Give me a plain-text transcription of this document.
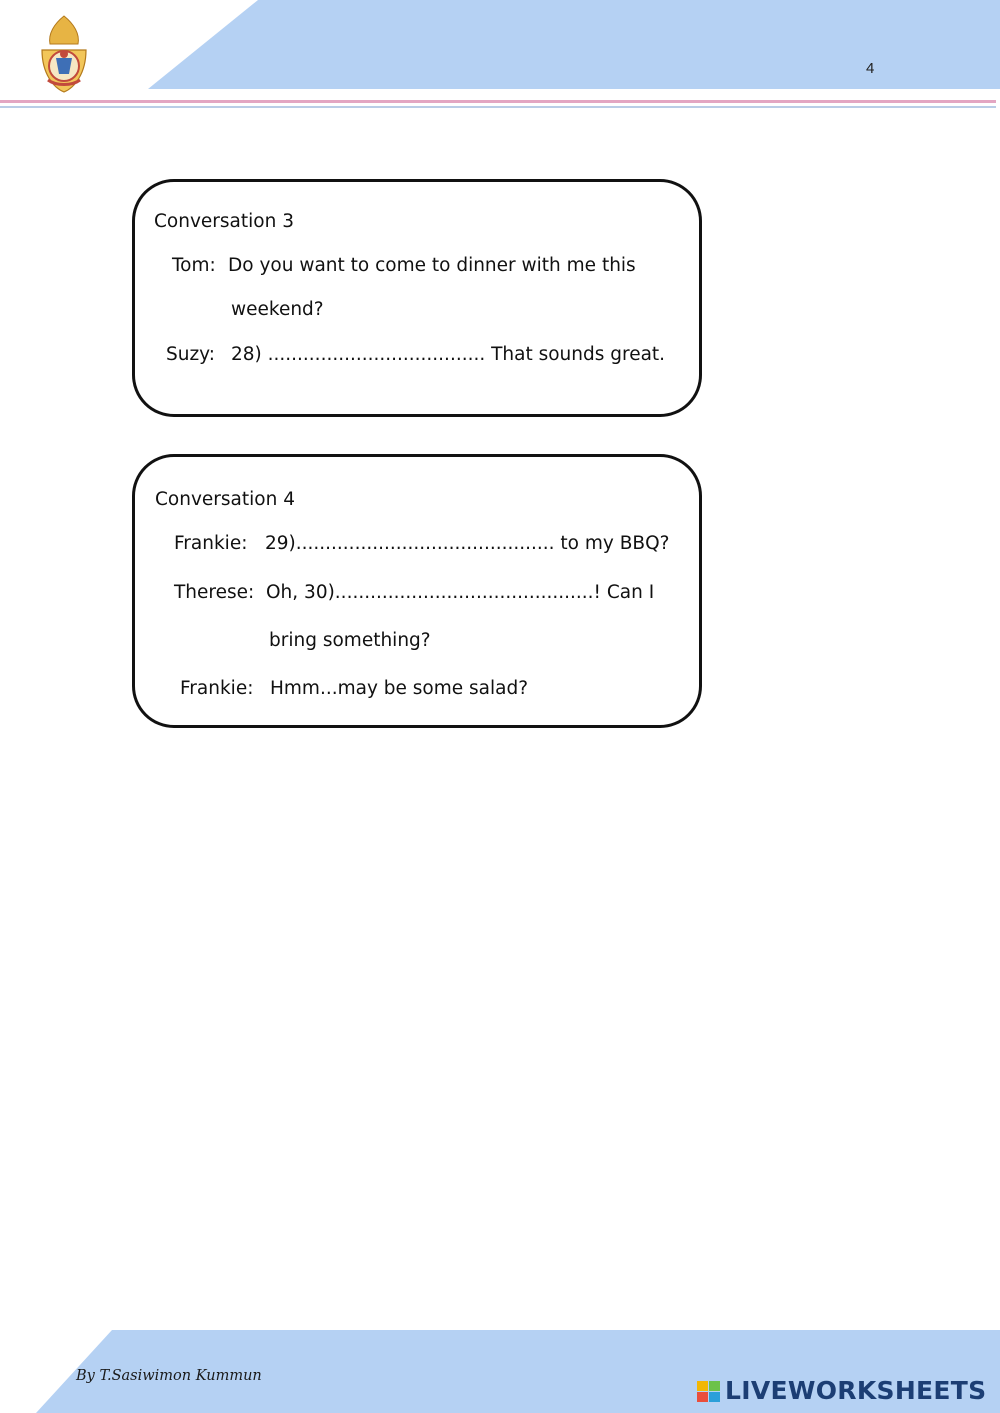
4
Conversation 3
Tom: Do you want to come to dinner with me this
weekend?
Suzy: 28) ..................................... That sounds great.
Conversation 4
Frankie: 29)............................................ to my BBQ?
Therese: Oh, 30)............................................! Can I
bring something?
Frankie: Hmm...may be some salad?
By T.Sasiwimon Kummun	LIVEWORKSHEETS
